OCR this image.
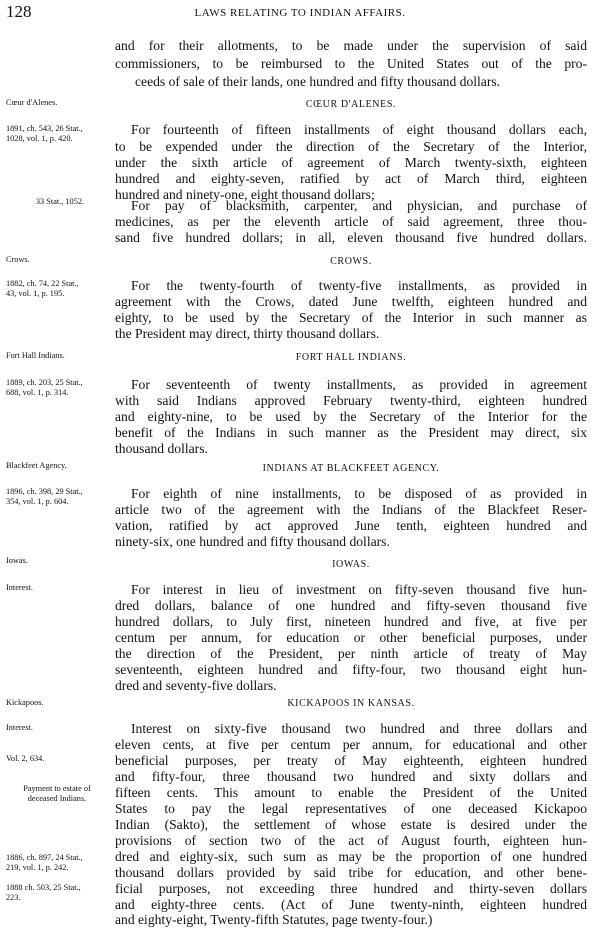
128	LAWS RELATING TO INDIAN AFFAIRS.
and for their allotments, to be made under the supervision of said
commissioners, to be reimbursed to the United States out of the pro-
ceeds of sale of their lands, one hundred and fifty thousand dollars.
Cœur d'Alenes.	CŒUR D'ALENES.
1891, ch. 543, 26 Stat.,
1028, vol. 1, p. 420.
For fourteenth of fifteen installments of eight thousand dollars each,
to be expended under the direction of the Secretary of the Interior,
under the sixth article of agreement of March twenty-sixth, eighteen
hundred and eighty-seven, ratified by act of March third, eighteen
hundred and ninety-one, eight thousand dollars;
33 Stat., 1052.	For pay of blacksmith, carpenter, and physician, and purchase of
medicines, as per the eleventh article of said agreement, three thou-
sand five hundred dollars; in all, eleven thousand five hundred dollars.
Crows.	CROWS.
1882, ch. 74, 22 Stat.,
43, vol. 1, p. 195.	For the twenty-fourth of twenty-five installments, as provided in
agreement with the Crows, dated June twelfth, eighteen hundred and
eighty, to be used by the Secretary of the Interior in such manner as
the President may direct, thirty thousand dollars.
Fort Hall Indians.	FORT HALL INDIANS.
1889, ch. 203, 25 Stat.,
688, vol. 1, p. 314.	For seventeenth of twenty installments, as provided in agreement
with said Indians approved February twenty-third, eighteen hundred
and eighty-nine, to be used by the Secretary of the Interior for the
benefit of the Indians in such manner as the President may direct, six
thousand dollars.
Blackfeet Agency.	INDIANS AT BLACKFEET AGENCY.
1896, ch. 398, 29 Stat.,
354, vol. 1, p. 604.	For eighth of nine installments, to be disposed of as provided in
article two of the agreement with the Indians of the Blackfeet Reser-
vation, ratified by act approved June tenth, eighteen hundred and
ninety-six, one hundred and fifty thousand dollars.
Iowas.	IOWAS.
Interest.	For interest in lieu of investment on fifty-seven thousand five hun-
dred dollars, balance of one hundred and fifty-seven thousand five
hundred dollars, to July first, nineteen hundred and five, at five per
centum per annum, for education or other beneficial purposes, under
the direction of the President, per ninth article of treaty of May
seventeenth, eighteen hundred and fifty-four, two thousand eight hun-
dred and seventy-five dollars.
Kickapoos.	KICKAPOOS IN KANSAS.
Interest.	Interest on sixty-five thousand two hundred and three dollars and
eleven cents, at five per centum per annum, for educational and other
Vol. 2, 634.	beneficial purposes, per treaty of May eighteenth, eighteen hundred
and fifty-four, three thousand two hundred and sixty dollars and
Payment to estate of
deceased Indians.	fifteen cents. This amount to enable the President of the United
States to pay the legal representatives of one deceased Kickapoo
Indian (Sakto), the settlement of whose estate is desired under the
provisions of section two of the act of August fourth, eighteen hun-
1886, ch. 897, 24 Stat.,
219, vol. 1, p. 242.
dred and eighty-six, such sum as may be the proportion of one hundred
thousand dollars provided by said tribe for education, and other bene-
ficial purposes, not exceeding three hundred and thirty-seven dollars
1888 ch. 503, 25 Stat.,
223.	and eighty-three cents. (Act of June twenty-ninth, eighteen hundred
and eighty-eight, Twenty-fifth Statutes, page twenty-four.)
